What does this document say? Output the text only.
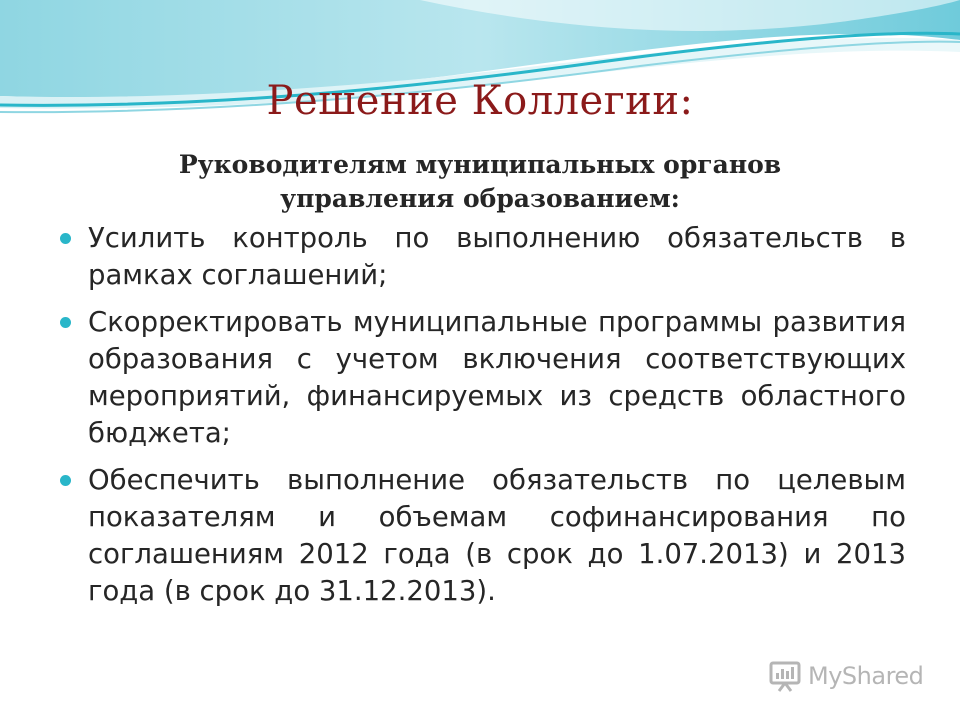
Решение Коллегии:

Руководителям муниципальных органов управления образованием:

Усилить контроль по выполнению обязательств в рамках соглашений;
Скорректировать муниципальные программы развития образования с учетом включения соответствующих мероприятий, финансируемых из средств областного бюджета;
Обеспечить выполнение обязательств по целевым показателям и объемам софинансирования по соглашениям 2012 года (в срок до 1.07.2013) и 2013 года (в срок до 31.12.2013).
MyShared
